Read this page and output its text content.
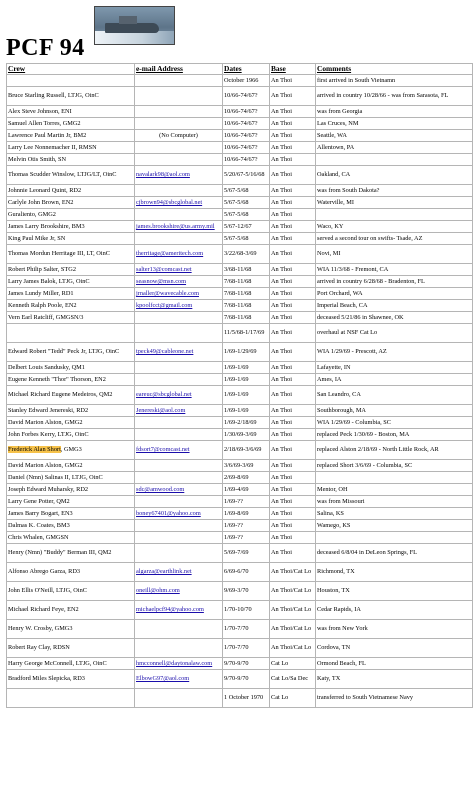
PCF 94
Crew	e-mail Address	Dates	Base	Comments
		October 1966	An Thoi	first arrived in South Vietnamn
Bruce Starling Russell, LTJG, OinC		10/66-74/67?	An Thoi	arrived in country 10/28/66 - was from Sarasota, FL
Alex Steve Johnson, ENI		10/66-74/67?	An Thoi	was from Georgia
Samuel Allen Torres, GMG2		10/66-74/67?	An Thoi	Las Cruces, NM
Lawrence Paul Martin Jr, BM2	(No Computer)	10/66-74/67?	An Thoi	Seattle, WA
Larry Lee Nonnemacher II, RMSN		10/66-74/67?	An Thoi	Allentown, PA
Melvin Otis Smith, SN		10/66-74/67?	An Thoi	
Thomas Scudder Winslow, LTJG/LT, OinC	navalark98@aol.com	5/20/67-5/16/68	An Thoi	Oakland, CA
Johnnie Leonard Quint, RD2		5/67-5/68	An Thoi	was from South Dakota?
Carlyle John Brown, EN2	cjbrown94@sbcglobal.net	5/67-5/68	An Thoi	Waterville, MI
Guraliento, GMG2		5/67-5/68	An Thoi	
James Larry Brookshire, BM3	james.brookshire@us.army.mil	5/67-12/67	An Thoi	Waco, KY
King Paul Mike Jr, SN		5/67-5/68	An Thoi	served a second tour on swifts- Tsade, AZ
Thomas Mordun Herritage III, LT, OinC	therritage@ameritech.com	3/22/68-3/69	An Thoi	Novi, MI
Robert Philip Salter, STG2	salter13@comcast.net	3/68-11/68	An Thoi	WIA 11/3/68 - Fremont, CA
Larry James Balok, LTJG, OinC	seasnow@msn.com	7/68-11/68	An Thoi	arrived in country 6/28/68 - Bradenton, FL
James Lundy Miller, RD1	jrnaller@wavecable.com	7/68-11/68	An Thoi	Port Orchard, WA
Kenneth Ralph Poole, EN2	kpoolfcct@gmail.com	7/68-11/68	An Thoi	Imperial Beach, CA
Vern Earl Ratcliff, GMGSN/3		7/68-11/68	An Thoi	deceased 5/21/86 in Shawnee, OK
		11/5/68-1/17/69	An Thoi	overhaul at NSF Cat Lo
Edward Robert "Tedd" Peck Jr, LTJG, OinC	tpeck49@cableone.net	1/69-1/29/69	An Thoi	WIA 1/29/69 - Prescott, AZ
Delbert Louis Sandusky, QM1		1/69-1/69	An Thoi	Lafayette, IN
Eugene Kenneth "Thor" Thorson, EN2		1/69-1/69	An Thoi	Ames, IA
Michael Richard Eugene Medeiros, QM2	eareuc@sbcglobal.net	1/69-1/69	An Thoi	San Leandro, CA
Stanley Edward Jenereski, RD2	Jenereski@aol.com	1/69-1/69	An Thoi	Southborough, MA
David Marion Alston, GMG2		1/69-2/18/69	An Thoi	WIA 1/29/69 - Columbia, SC
John Forbes Kerry, LTJG, OinC		1/30/69-3/69	An Thoi	replaced Peck 1/30/69 - Boston, MA
Frederick Alan Short, GMG3	fdsort7@comcast.net	2/18/69-3/6/69	An Thoi	replaced Alston 2/18/69 - North Little Rock, AR
David Marion Alston, GMG2		3/6/69-3/69	An Thoi	replaced Short 3/6/69 - Columbia, SC
Daniel (Nmn) Salinas II, LTJG, OinC		2/69-8/69	An Thoi	
Joseph Edward Muharsky, RD2	sdc@amwood.com	1/69-4/69	An Thoi	Mentor, OH
Larry Gene Potter, QM2		1/69-??	An Thoi	was from Missouri
James Barry Bogart, EN3	boney67401@yahoo.com	1/69-8/69	An Thoi	Salina, KS
Dalmas K. Coates, BM3		1/69-??	An Thoi	Wamego, KS
Chris Whalen, GMGSN		1/69-??	An Thoi	
Henry (Nmn) "Buddy" Berman III, QM2		5/69-7/69	An Thoi	deceased 6/8/04 in DeLeon Springs, FL
Alfonso Abrego Garza, RD3	algarza@earthlink.net	6/69-6/70	An Thoi/Cat Lo	Richmond, TX
John Ellis O'Neill, LTJG, OinC	oneill@ohm.com	9/69-3/70	An Thoi/Cat Lo	Houston, TX
Michael Richard Feye, EN2	michaelpcf94@yahoo.com	1/70-10/70	An Thoi/Cat Lo	Cedar Rapids, IA
Henry W. Crosby, GMG3		1/70-7/70	An Thoi/Cat Lo	was from New York
Robert Ray Clay, RDSN		1/70-7/70	An Thoi/Cat Lo	Cordova, TN
Harry George McConnell, LTJG, OinC	hmcconnell@daytonalaw.com	9/70-9/70	Cat Lo	Ormond Beach, FL
Bradford Miles Slepicka, RD3	ElbowG97@aol.com	9/70-9/70	Cat Lo/Sa Dec	Katy, TX
		1 October 1970	Cat Lo	transferred to South Vietnamese Navy
